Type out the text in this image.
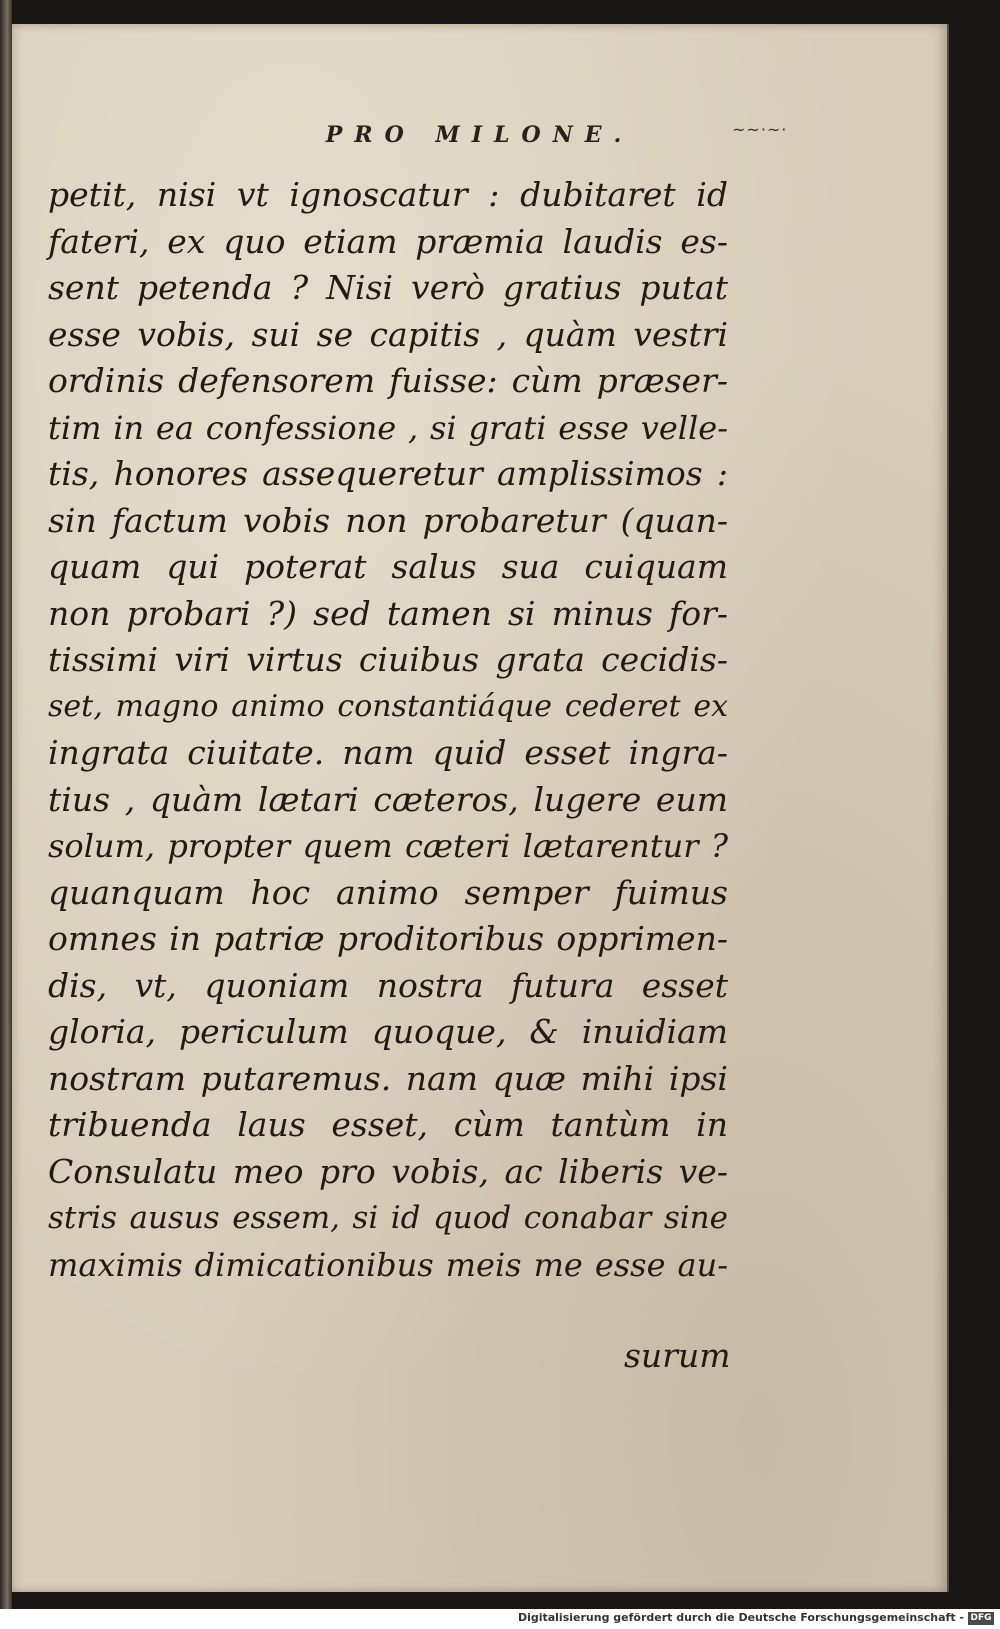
PRO MILONE.	~~·~·
petit, nisi vt ignoscatur : dubitaret id
fateri, ex quo etiam præmia laudis es-
sent petenda ? Nisi verò gratius putat
esse vobis, sui se capitis , quàm vestri
ordinis defensorem fuisse: cùm præser-
tim in ea confessione , si grati esse velle-
tis, honores assequeretur amplissimos :
sin factum vobis non probaretur (quan-
quam qui poterat salus sua cuiquam
non probari ?) sed tamen si minus for-
tissimi viri virtus ciuibus grata cecidis-
set, magno animo constantiáque cederet ex
ingrata ciuitate. nam quid esset ingra-
tius , quàm lætari cæteros, lugere eum
solum, propter quem cæteri lætarentur ?
quanquam hoc animo semper fuimus
omnes in patriæ proditoribus opprimen-
dis, vt, quoniam nostra futura esset
gloria, periculum quoque, & inuidiam
nostram putaremus. nam quæ mihi ipsi
tribuenda laus esset, cùm tantùm in
Consulatu meo pro vobis, ac liberis ve-
stris ausus essem, si id quod conabar sine
maximis dimicationibus meis me esse au-
surum
Digitalisierung gefördert durch die Deutsche Forschungsgemeinschaft - DFG
